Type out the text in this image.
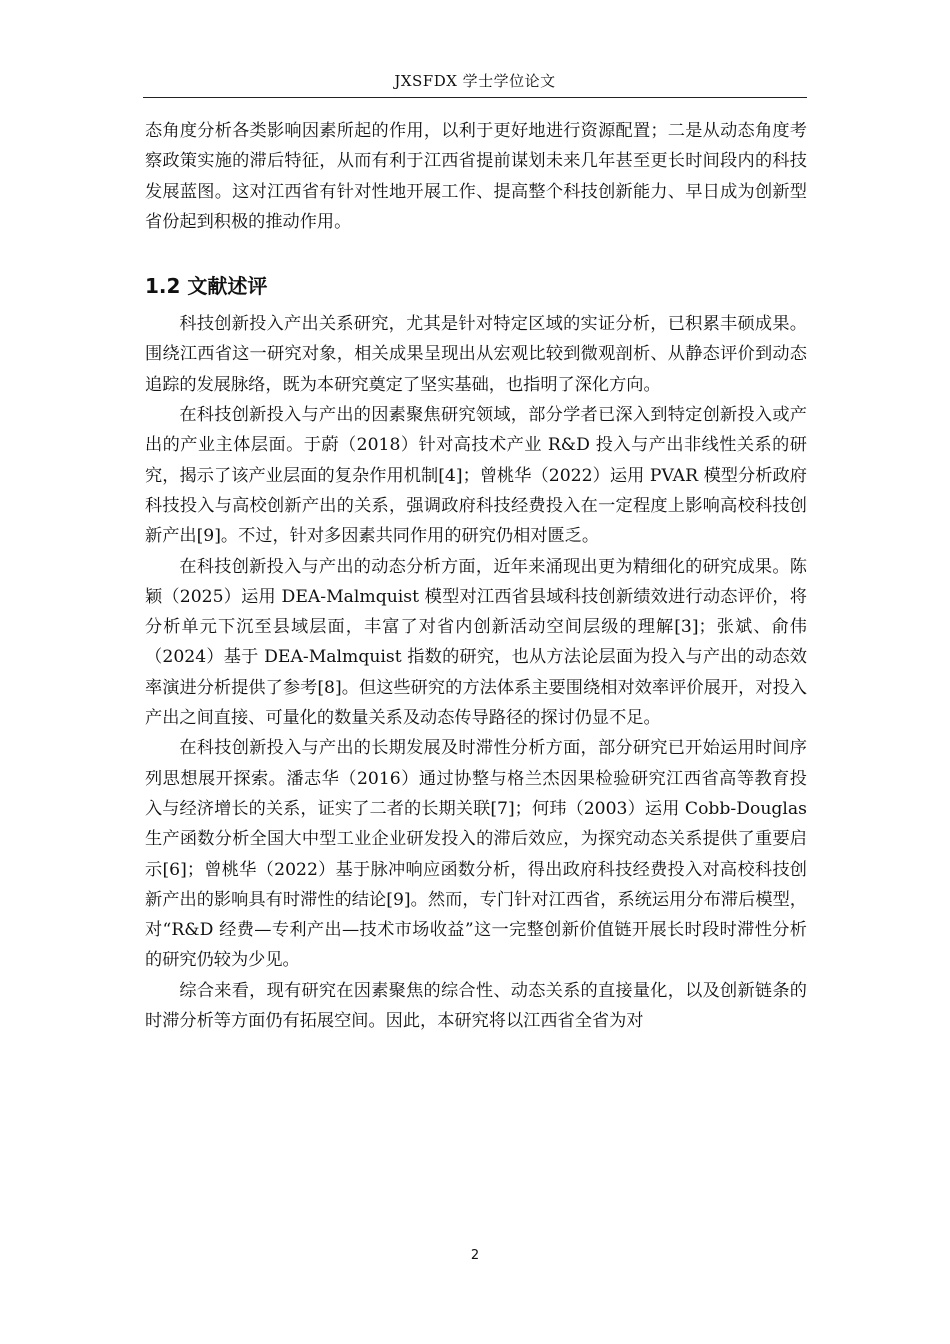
JXSFDX 学士学位论文

态角度分析各类影响因素所起的作用，以利于更好地进行资源配置；二是从动态角度考察政策实施的滞后特征，从而有利于江西省提前谋划未来几年甚至更长时间段内的科技发展蓝图。这对江西省有针对性地开展工作、提高整个科技创新能力、早日成为创新型省份起到积极的推动作用。

1.2 文献述评

科技创新投入产出关系研究，尤其是针对特定区域的实证分析，已积累丰硕成果。围绕江西省这一研究对象，相关成果呈现出从宏观比较到微观剖析、从静态评价到动态追踪的发展脉络，既为本研究奠定了坚实基础，也指明了深化方向。

在科技创新投入与产出的因素聚焦研究领域，部分学者已深入到特定创新投入或产出的产业主体层面。于蔚（2018）针对高技术产业 R&D 投入与产出非线性关系的研究，揭示了该产业层面的复杂作用机制[4]；曾桃华（2022）运用 PVAR 模型分析政府科技投入与高校创新产出的关系，强调政府科技经费投入在一定程度上影响高校科技创新产出[9]。不过，针对多因素共同作用的研究仍相对匮乏。

在科技创新投入与产出的动态分析方面，近年来涌现出更为精细化的研究成果。陈颖（2025）运用 DEA-Malmquist 模型对江西省县域科技创新绩效进行动态评价，将分析单元下沉至县域层面，丰富了对省内创新活动空间层级的理解[3]；张斌、俞伟（2024）基于 DEA-Malmquist 指数的研究，也从方法论层面为投入与产出的动态效率演进分析提供了参考[8]。但这些研究的方法体系主要围绕相对效率评价展开，对投入产出之间直接、可量化的数量关系及动态传导路径的探讨仍显不足。

在科技创新投入与产出的长期发展及时滞性分析方面，部分研究已开始运用时间序列思想展开探索。潘志华（2016）通过协整与格兰杰因果检验研究江西省高等教育投入与经济增长的关系，证实了二者的长期关联[7]；何玮（2003）运用 Cobb-Douglas 生产函数分析全国大中型工业企业研发投入的滞后效应，为探究动态关系提供了重要启示[6]；曾桃华（2022）基于脉冲响应函数分析，得出政府科技经费投入对高校科技创新产出的影响具有时滞性的结论[9]。然而，专门针对江西省，系统运用分布滞后模型，对“R&D 经费—专利产出—技术市场收益”这一完整创新价值链开展长时段时滞性分析的研究仍较为少见。

综合来看，现有研究在因素聚焦的综合性、动态关系的直接量化，以及创新链条的时滞分析等方面仍有拓展空间。因此，本研究将以江西省全省为对

2
